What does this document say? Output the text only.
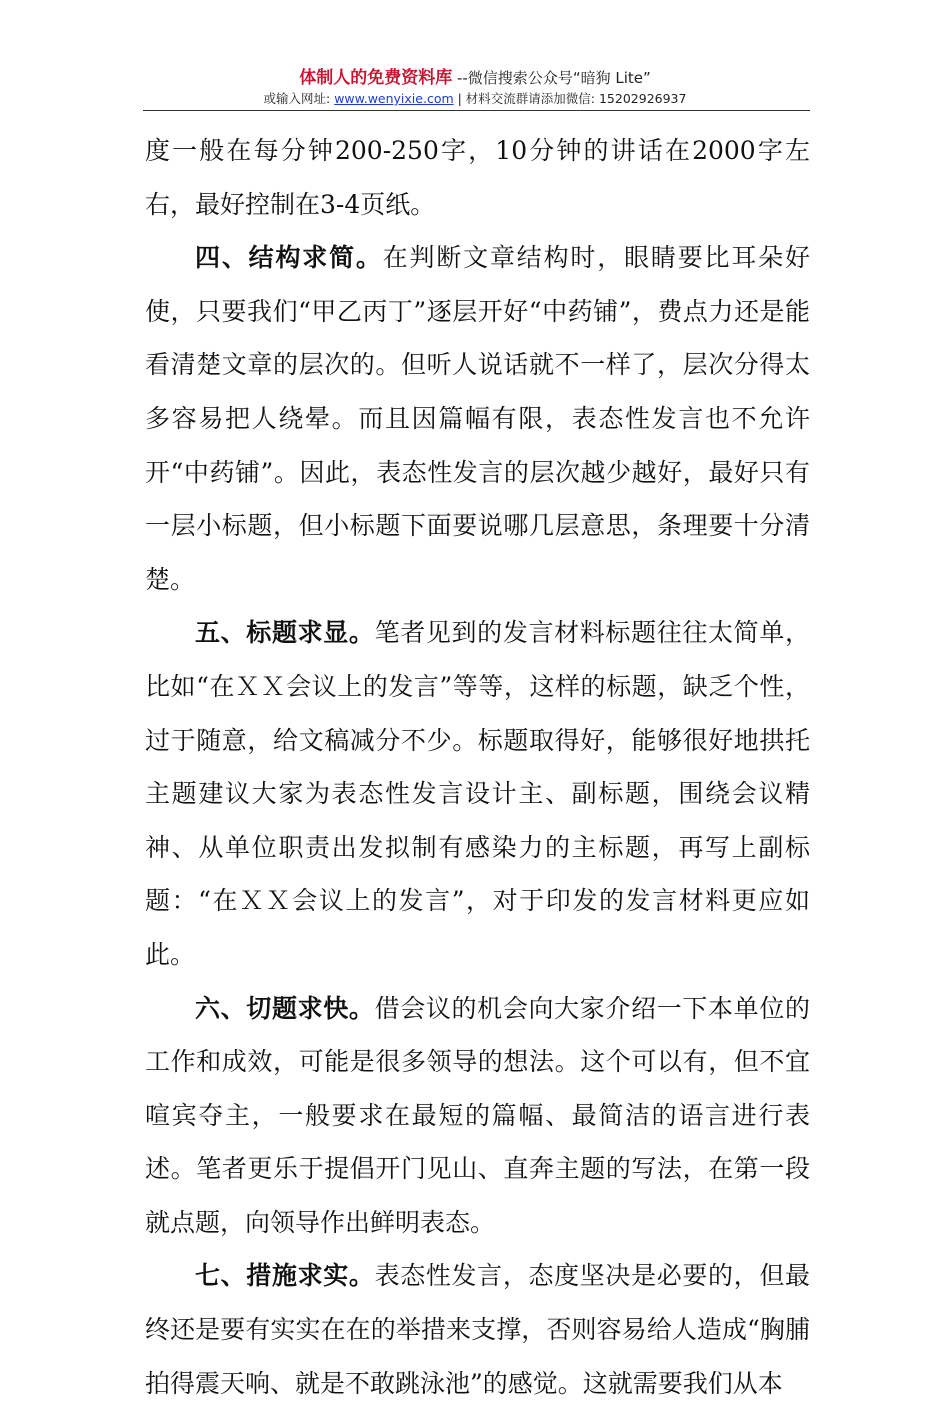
体制人的免费资料库 --微信搜索公众号“暗狗 Lite”
或输入网址: www.wenyixie.com | 材料交流群请添加微信: 15202926937

度一般在每分钟200-250字，10分钟的讲话在2000字左右，最好控制在3-4页纸。

四、结构求简。在判断文章结构时，眼睛要比耳朵好使，只要我们“甲乙丙丁”逐层开好“中药铺”，费点力还是能看清楚文章的层次的。但听人说话就不一样了，层次分得太多容易把人绕晕。而且因篇幅有限，表态性发言也不允许开“中药铺”。因此，表态性发言的层次越少越好，最好只有一层小标题，但小标题下面要说哪几层意思，条理要十分清楚。

五、标题求显。笔者见到的发言材料标题往往太简单，比如“在ＸＸ会议上的发言”等等，这样的标题，缺乏个性，过于随意，给文稿减分不少。标题取得好，能够很好地拱托主题建议大家为表态性发言设计主、副标题，围绕会议精神、从单位职责出发拟制有感染力的主标题，再写上副标题：“在ＸＸ会议上的发言”，对于印发的发言材料更应如此。

六、切题求快。借会议的机会向大家介绍一下本单位的工作和成效，可能是很多领导的想法。这个可以有，但不宜喧宾夺主，一般要求在最短的篇幅、最简洁的语言进行表述。笔者更乐于提倡开门见山、直奔主题的写法，在第一段就点题，向领导作出鲜明表态。

七、措施求实。表态性发言，态度坚决是必要的，但最终还是要有实实在在的举措来支撑，否则容易给人造成“胸脯拍得震天响、就是不敢跳泳池”的感觉。这就需要我们从本
